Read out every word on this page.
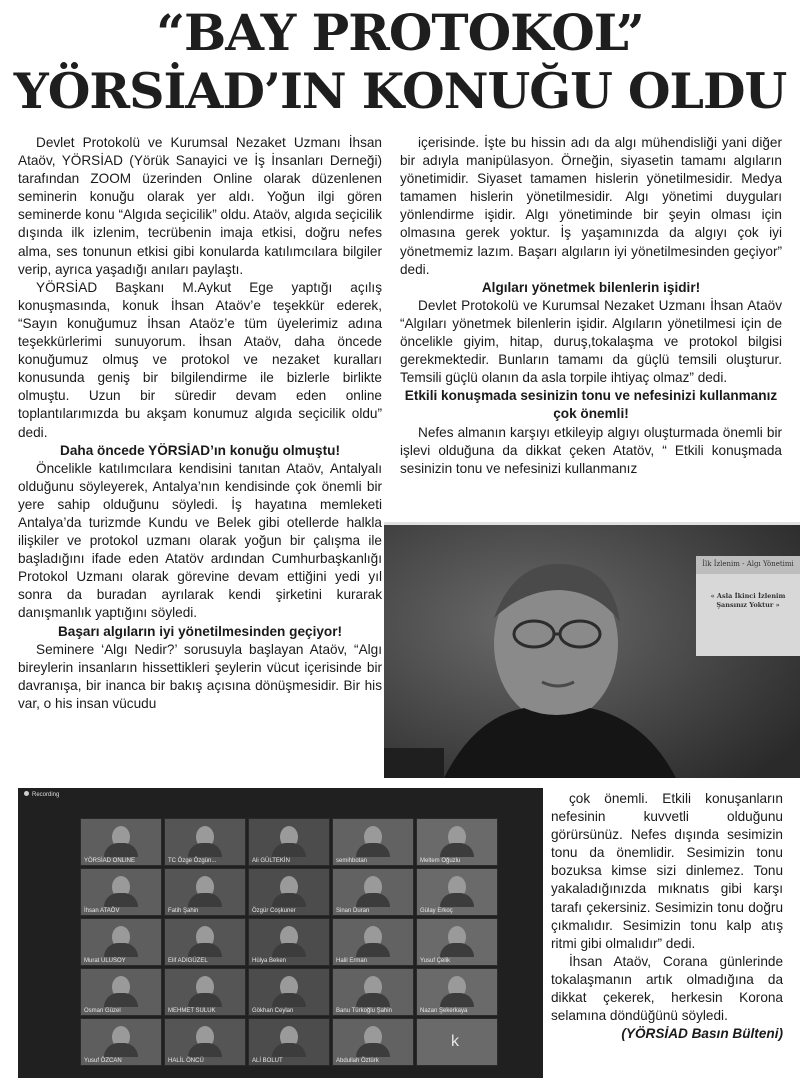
“BAY PROTOKOL”
YÖRSİAD’IN KONUĞU OLDU

Devlet Protokolü ve Kurumsal Nezaket Uzmanı İhsan Ataöv, YÖRSİAD (Yörük Sanayici ve İş İnsanları Derneği) tarafından ZOOM üzerinden Online olarak düzenlenen seminerin konuğu olarak yer aldı. Yoğun ilgi gören seminerde konu “Algıda seçicilik” oldu. Ataöv, algıda seçicilik dışında ilk izlenim, tecrübenin imaja etkisi, doğru nefes alma, ses tonunun etkisi gibi konularda katılımcılara bilgiler verip, ayrıca yaşadığı anıları paylaştı.

YÖRSİAD Başkanı M.Aykut Ege yaptığı açılış konuşmasında, konuk İhsan Ataöv’e teşekkür ederek, “Sayın konuğumuz İhsan Ataöz’e tüm üyelerimiz adına teşekkürlerimi sunuyorum. İhsan Ataöv, daha öncede konuğumuz olmuş ve protokol ve nezaket kuralları konusunda geniş bir bilgilendirme ile bizlerle birlikte olmuştu. Uzun bir süredir devam eden online toplantılarımızda bu akşam konumuz algıda seçicilik oldu” dedi.

Daha öncede YÖRSİAD’ın konuğu olmuştu!

Öncelikle katılımcılara kendisini tanıtan Ataöv, Antalyalı olduğunu söyleyerek, Antalya’nın kendisinde çok önemli bir yere sahip olduğunu söyledi. İş hayatına memleketi Antalya’da turizmde Kundu ve Belek gibi otellerde halkla ilişkiler ve protokol uzmanı olarak yoğun bir çalışma ile başladığını ifade eden Atatöv ardından Cumhurbaşkanlığı Protokol Uzmanı olarak görevine devam ettiğini yedi yıl sonra da buradan ayrılarak kendi şirketini kurarak danışmanlık yaptığını söyledi.

Başarı algıların iyi yönetilmesinden geçiyor!

Seminere ‘Algı Nedir?’ sorusuyla başlayan Ataöv, “Algı bireylerin insanların hissettikleri şeylerin vücut içerisinde bir davranışa, bir inanca bir bakış açısına dönüşmesidir. Bir his var, o his insan vücudu

içerisinde. İşte bu hissin adı da algı mühendisliği yani diğer bir adıyla manipülasyon. Örneğin, siyasetin tamamı algıların yönetimidir. Siyaset tamamen hislerin yönetilmesidir. Medya tamamen hislerin yönetilmesidir. Algı yönetimi duyguları yönlendirme işidir. Algı yönetiminde bir şeyin olması için olmasına gerek yoktur. İş yaşamınızda da algıyı çok iyi yönetmemiz lazım. Başarı algıların iyi yönetilmesinden geçiyor” dedi.

Algıları yönetmek bilenlerin işidir!

Devlet Protokolü ve Kurumsal Nezaket Uzmanı İhsan Ataöv “Algıları yönetmek bilenlerin işidir. Algıların yönetilmesi için de öncelikle giyim, hitap, duruş,tokalaşma ve protokol bilgisi gerekmektedir. Bunların tamamı da güçlü temsili oluşturur. Temsili güçlü olanın da asla torpile ihtiyaç olmaz” dedi.

Etkili konuşmada sesinizin tonu ve nefesinizi kullanmanız çok önemli!

Nefes almanın karşıyı etkileyip algıyı oluşturmada önemli bir işlevi olduğuna da dikkat çeken Atatöv, “ Etkili konuşmada sesinizin tonu ve nefesinizi kullanmanız

İlk İzlenim - Algı Yönetimi
« Asla İkinci İzlenim Şansınız Yoktur »
Recording
YÖRSİAD ONLINE	TC Özge Özgün...	Ali GÜLTEKİN	semihbotan	Meltem Oğuzlu
İhsan ATAÖV	Fatih Şahin	Özgür Coşkuner	Sinan Duran	Gülay Erkoç
Murat ULUSOY	Elif ADIGÜZEL	Hülya Beken	Halil Erman	Yusuf Çelik
Osman Güzel	MEHMET SULUK	Gökhan Ceylan	Banu Türkoğlu Şahin	Nazan Şekerkaya
Yusuf ÖZCAN	HALİL ÖNCÜ	ALİ BOLUT	Abdullah Öztürk
k

çok önemli. Etkili konuşanların nefesinin kuvvetli olduğunu görürsünüz. Nefes dışında sesimizin tonu da önemlidir. Sesimizin tonu bozuksa kimse sizi dinlemez. Tonu yakaladığınızda mıknatıs gibi karşı tarafı çekersiniz. Sesimizin tonu doğru çıkmalıdır. Sesimizin tonu kalp atış ritmi gibi olmalıdır” dedi.

İhsan Ataöv, Corana günlerinde tokalaşmanın artık olmadığına da dikkat çekerek, herkesin Korona selamına döndüğünü söyledi.

(YÖRSİAD Basın Bülteni)
